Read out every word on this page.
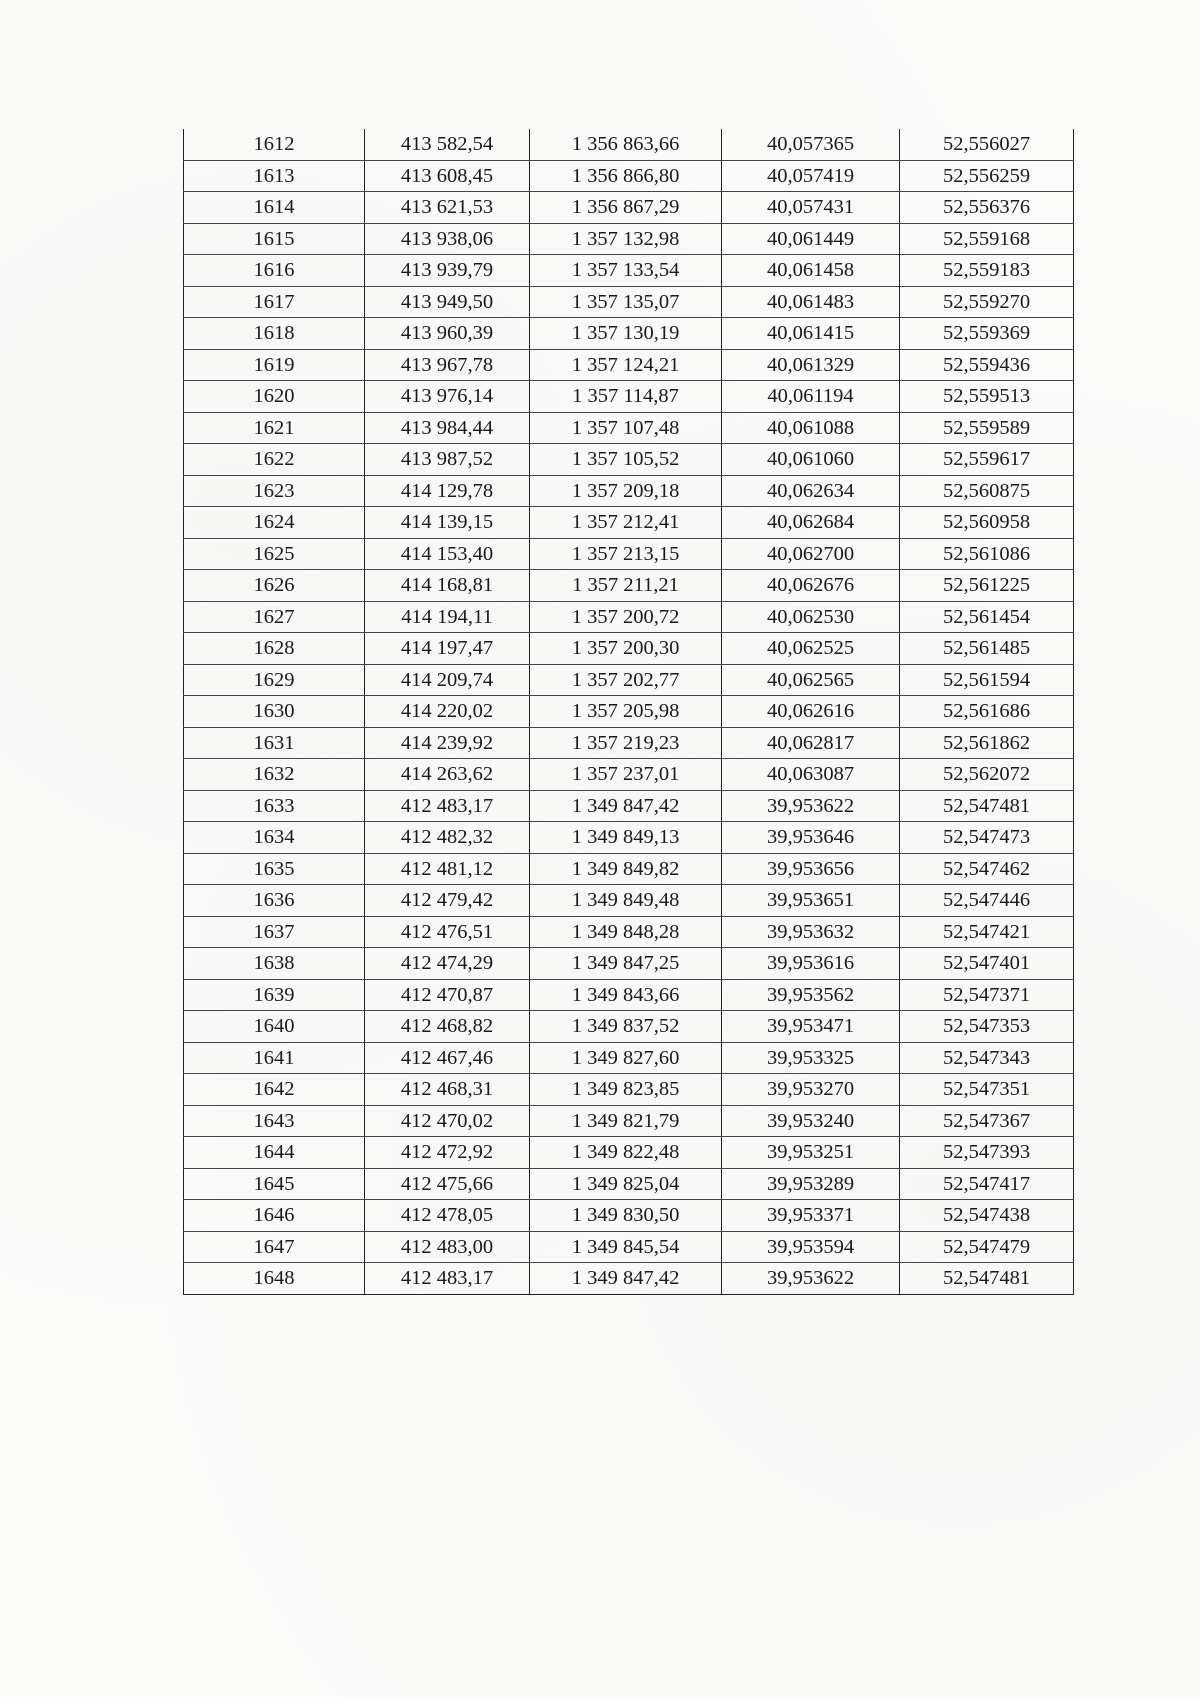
1612	413 582,54	1 356 863,66	40,057365	52,556027
1613	413 608,45	1 356 866,80	40,057419	52,556259
1614	413 621,53	1 356 867,29	40,057431	52,556376
1615	413 938,06	1 357 132,98	40,061449	52,559168
1616	413 939,79	1 357 133,54	40,061458	52,559183
1617	413 949,50	1 357 135,07	40,061483	52,559270
1618	413 960,39	1 357 130,19	40,061415	52,559369
1619	413 967,78	1 357 124,21	40,061329	52,559436
1620	413 976,14	1 357 114,87	40,061194	52,559513
1621	413 984,44	1 357 107,48	40,061088	52,559589
1622	413 987,52	1 357 105,52	40,061060	52,559617
1623	414 129,78	1 357 209,18	40,062634	52,560875
1624	414 139,15	1 357 212,41	40,062684	52,560958
1625	414 153,40	1 357 213,15	40,062700	52,561086
1626	414 168,81	1 357 211,21	40,062676	52,561225
1627	414 194,11	1 357 200,72	40,062530	52,561454
1628	414 197,47	1 357 200,30	40,062525	52,561485
1629	414 209,74	1 357 202,77	40,062565	52,561594
1630	414 220,02	1 357 205,98	40,062616	52,561686
1631	414 239,92	1 357 219,23	40,062817	52,561862
1632	414 263,62	1 357 237,01	40,063087	52,562072
1633	412 483,17	1 349 847,42	39,953622	52,547481
1634	412 482,32	1 349 849,13	39,953646	52,547473
1635	412 481,12	1 349 849,82	39,953656	52,547462
1636	412 479,42	1 349 849,48	39,953651	52,547446
1637	412 476,51	1 349 848,28	39,953632	52,547421
1638	412 474,29	1 349 847,25	39,953616	52,547401
1639	412 470,87	1 349 843,66	39,953562	52,547371
1640	412 468,82	1 349 837,52	39,953471	52,547353
1641	412 467,46	1 349 827,60	39,953325	52,547343
1642	412 468,31	1 349 823,85	39,953270	52,547351
1643	412 470,02	1 349 821,79	39,953240	52,547367
1644	412 472,92	1 349 822,48	39,953251	52,547393
1645	412 475,66	1 349 825,04	39,953289	52,547417
1646	412 478,05	1 349 830,50	39,953371	52,547438
1647	412 483,00	1 349 845,54	39,953594	52,547479
1648	412 483,17	1 349 847,42	39,953622	52,547481
